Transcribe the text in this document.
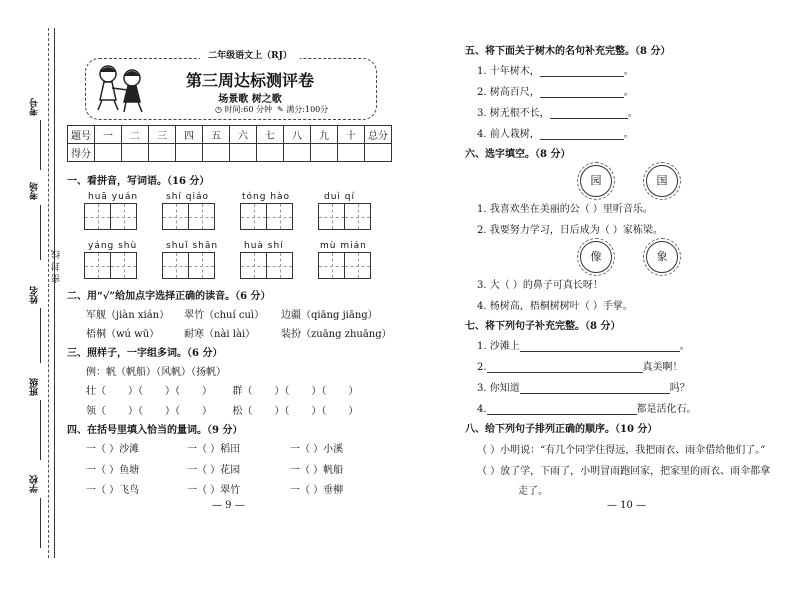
考号
考场
密 封 线
姓名
班级
学校
二年级语文上（RJ）
第三周达标测评卷
场景歌 树之歌
◷ 时间:60 分钟 ✎ 满分:100分
题号	一	二	三	四	五	六	七	八	九	十	总分
得分											
一、看拼音，写词语。（16 分）
huā yuán	shí qiáo	tóng hào	duì qí
yáng shù	shuǐ shān	huà shí	mù mián
二、用“√”给加点字选择正确的读音。（6 分）
军舰（jiàn xián） 翠竹（chuí cuì） 边疆（qiāng jiāng）
梧桐（wú wū） 耐寒（nài lài）	装扮（zuāng zhuāng）
三、照样子，一字组多词。（6 分）
例：帆（帆船）（风帆）（扬帆）
壮（ ）（ ）（ ） 群（ ）（ ）（ ）
领（ ）（ ）（ ） 松（ ）（ ）（ ）
四、在括号里填入恰当的量词。（9 分）
一（ ）沙滩	一（ ）稻田	一（ ）小溪
一（ ）鱼塘	一（ ）花园	一（ ）帆船
一（ ）飞鸟	一（ ）翠竹	一（ ）垂柳
— 9 —
五、将下面关于树木的名句补充完整。（8 分）
1. 十年树木，	。
2. 树高百尺，	。
3. 树无根不长，	。
4. 前人栽树，	。
六、选字填空。（8 分）
园	国
1. 我喜欢坐在美丽的公（ ）里听音乐。
2. 我要努力学习，日后成为（ ）家栋梁。
像	象
3. 大（ ）的鼻子可真长呀！
4. 杨树高，梧桐树树叶（ ）手掌。
七、将下列句子补充完整。（8 分）
1. 沙滩上	。
2.	真美啊！
3. 你知道	吗？
4.	都是活化石。
八、给下列句子排列正确的顺序。（10 分）
（ ）小明说：“有几个同学住得远，我把雨衣、雨伞借给他们了。”
（ ）放了学，下雨了，小明冒雨跑回家，把家里的雨衣、雨伞都拿
走了。
— 10 —
